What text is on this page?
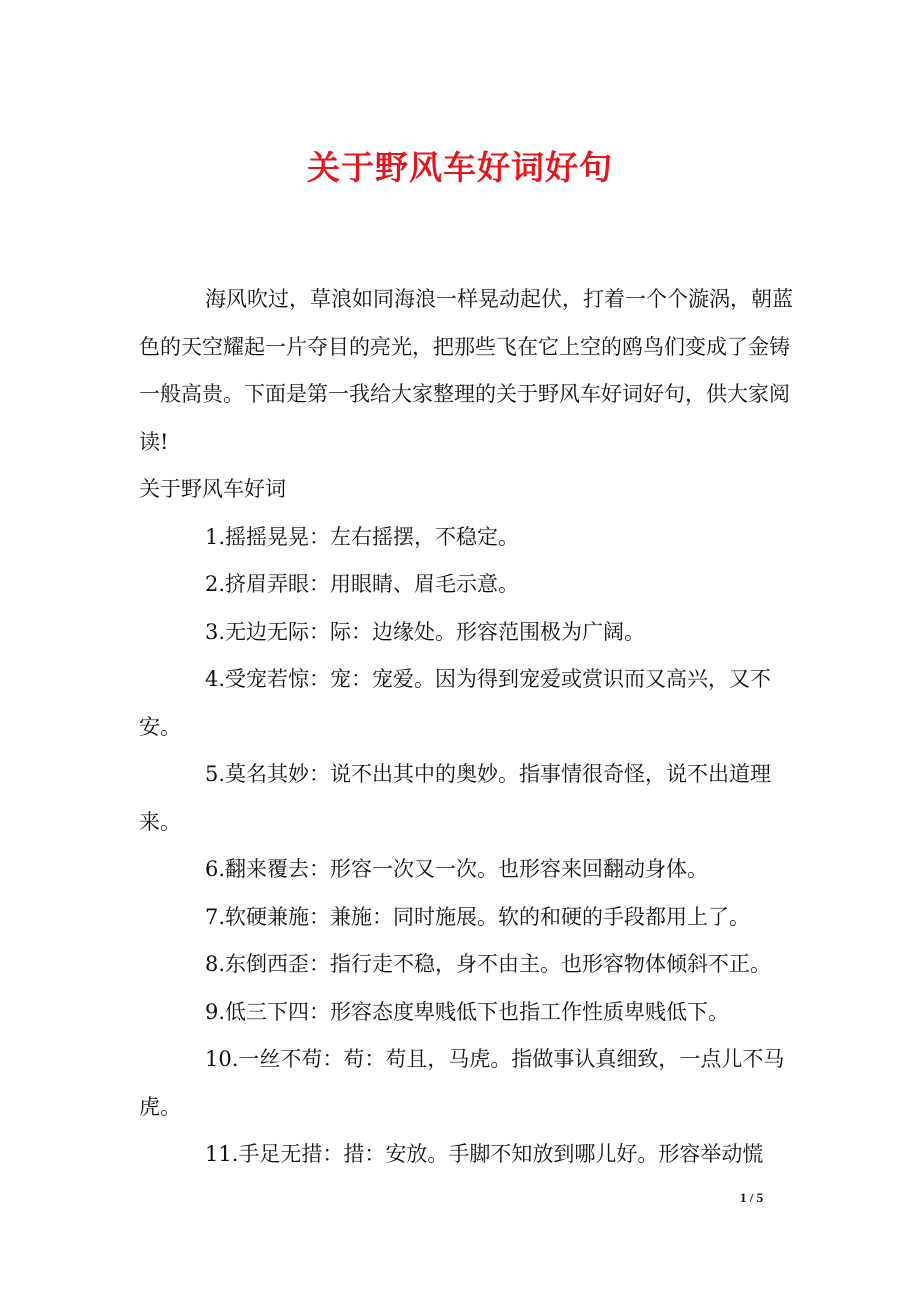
关于野风车好词好句

海风吹过，草浪如同海浪一样晃动起伏，打着一个个漩涡，朝蓝色的天空耀起一片夺目的亮光，把那些飞在它上空的鸥鸟们变成了金铸一般高贵。下面是第一我给大家整理的关于野风车好词好句，供大家阅读!

关于野风车好词

1.摇摇晃晃：左右摇摆，不稳定。

2.挤眉弄眼：用眼睛、眉毛示意。

3.无边无际：际：边缘处。形容范围极为广阔。

4.受宠若惊：宠：宠爱。因为得到宠爱或赏识而又高兴，又不安。

5.莫名其妙：说不出其中的奥妙。指事情很奇怪，说不出道理来。

6.翻来覆去：形容一次又一次。也形容来回翻动身体。

7.软硬兼施：兼施：同时施展。软的和硬的手段都用上了。

8.东倒西歪：指行走不稳，身不由主。也形容物体倾斜不正。

9.低三下四：形容态度卑贱低下也指工作性质卑贱低下。

10.一丝不苟：苟：苟且，马虎。指做事认真细致，一点儿不马虎。

11.手足无措：措：安放。手脚不知放到哪儿好。形容举动慌

1 / 5
